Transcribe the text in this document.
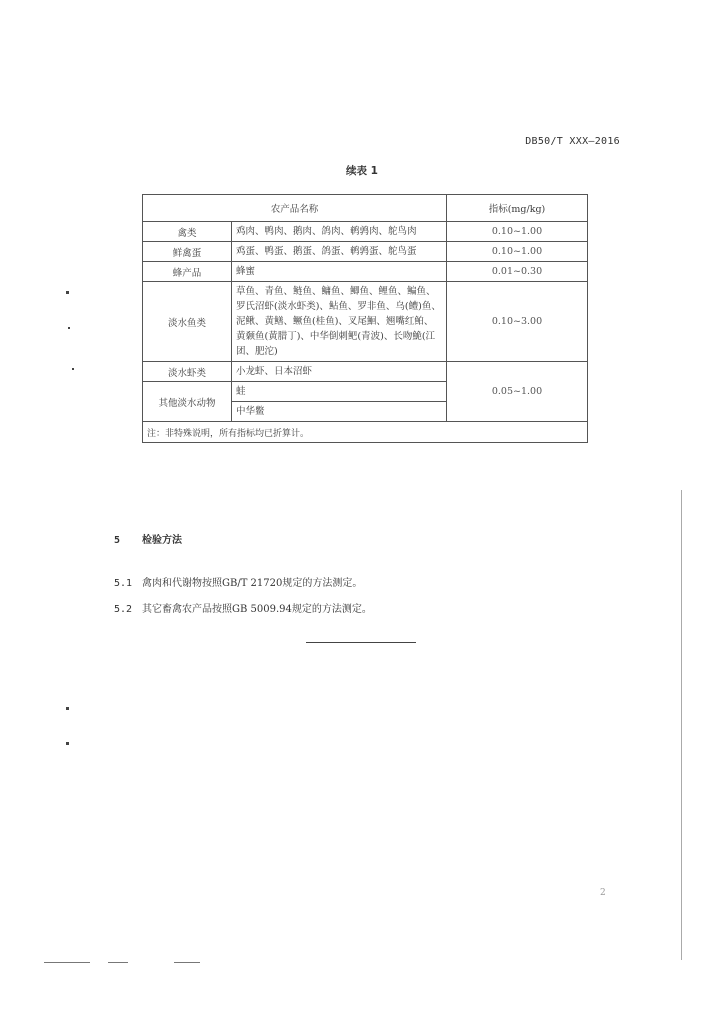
DB50/T XXX—2016
续表 1
农产品名称		指标(mg/kg)
禽类	鸡肉、鸭肉、鹅肉、鸽肉、鹌鹑肉、鸵鸟肉	0.10~1.00
鲜禽蛋	鸡蛋、鸭蛋、鹅蛋、鸽蛋、鹌鹑蛋、鸵鸟蛋	0.10~1.00
蜂产品	蜂蜜	0.01~0.30
淡水鱼类	草鱼、青鱼、鲢鱼、鳙鱼、鲫鱼、鲤鱼、鳊鱼、罗氏沼虾(淡水虾类)、鲇鱼、罗非鱼、乌(鳢)鱼、泥鳅、黄鳝、鳜鱼(桂鱼)、叉尾鮰、翘嘴红鲌、黄颡鱼(黄腊丁)、中华倒刺鲃(青波)、长吻鮠(江团、肥沱)	0.10~3.00
淡水虾类	小龙虾、日本沼虾	0.05~1.00
其他淡水动物	蛙	
	中华鳖	
注：非特殊说明，所有指标均已折算计。		
5 检验方法
5.1 禽肉和代谢物按照GB/T 21720规定的方法测定。
5.2 其它畜禽农产品按照GB 5009.94规定的方法测定。
2
